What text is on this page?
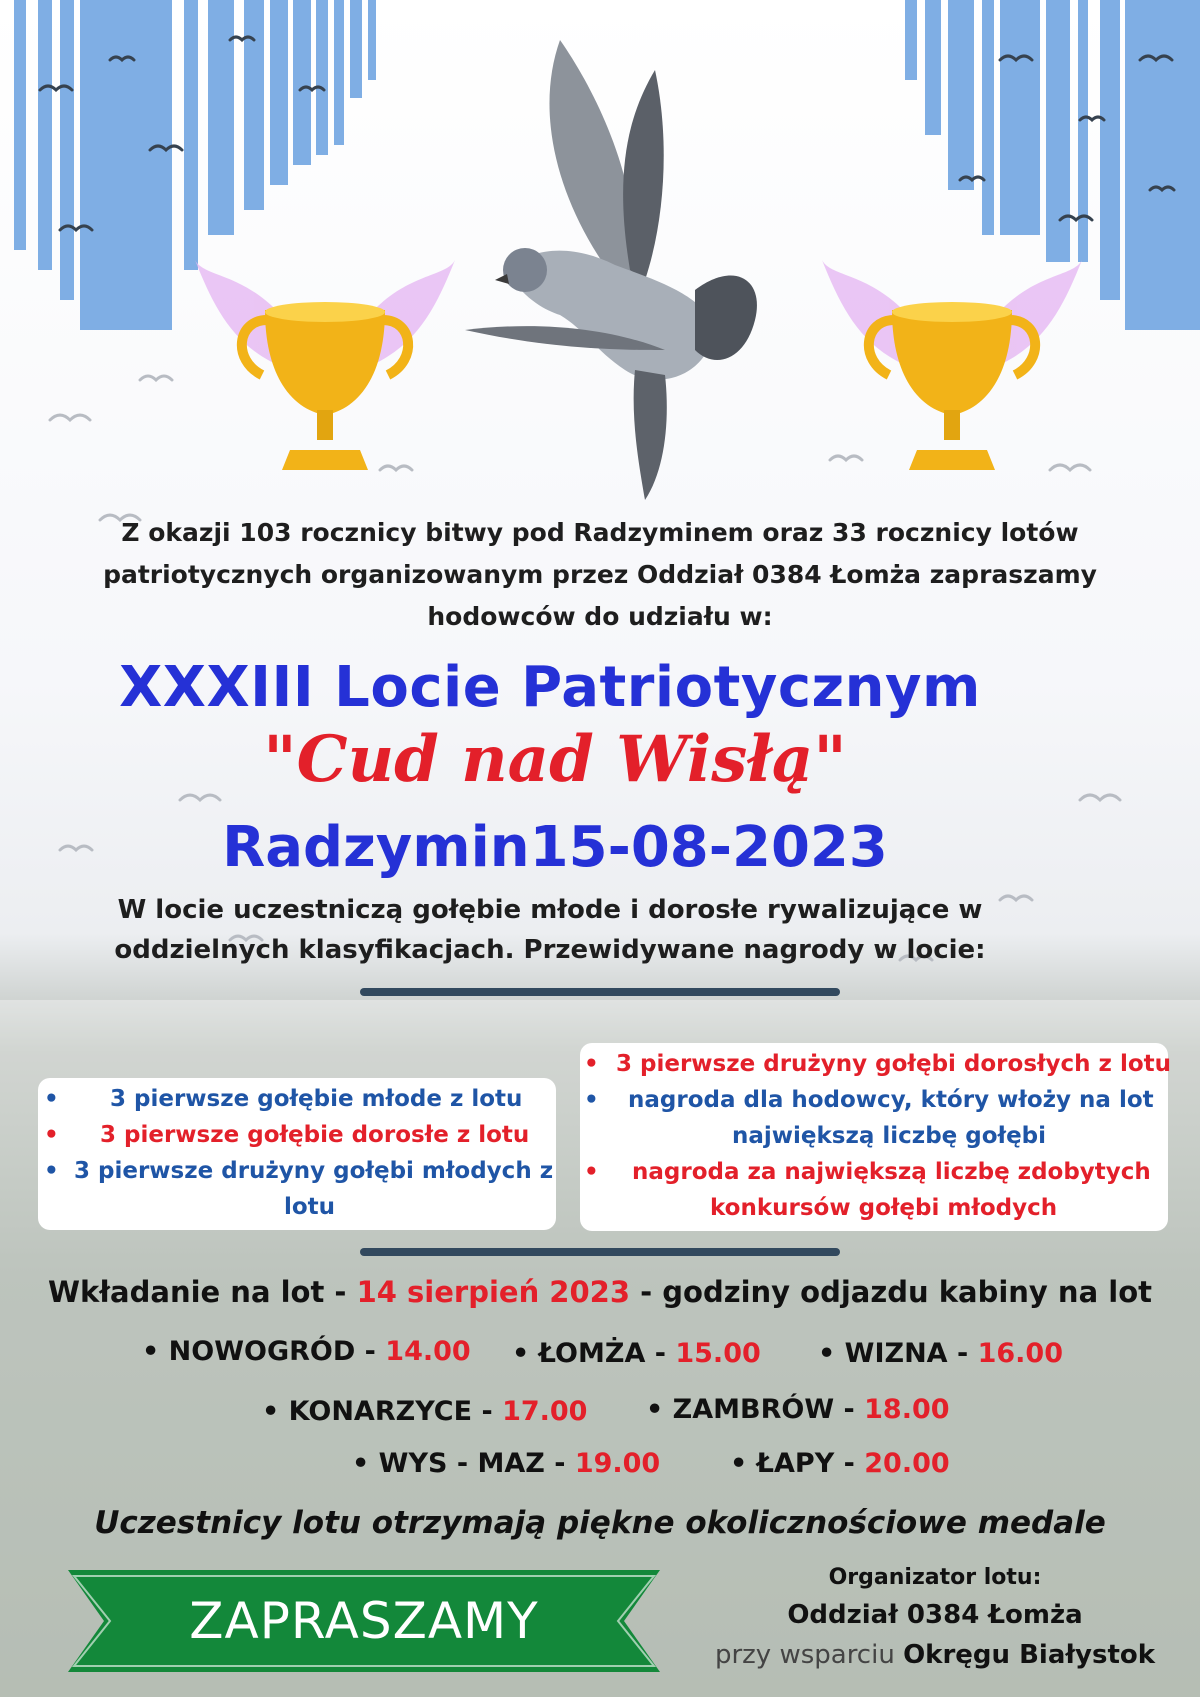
Z okazji 103 rocznicy bitwy pod Radzyminem oraz 33 rocznicy lotów
patriotycznych organizowanym przez Oddział 0384 Łomża zapraszamy
hodowców do udziału w:
XXXIII Locie Patriotycznym
"Cud nad Wisłą"
Radzymin15-08-2023
W locie uczestniczą gołębie młode i dorosłe rywalizujące w
oddzielnych klasyfikacjach. Przewidywane nagrody w locie:
• 3 pierwsze gołębie młode z lotu
• 3 pierwsze gołębie dorosłe z lotu
• 3 pierwsze drużyny gołębi młodych z
lotu
• 3 pierwsze drużyny gołębi dorosłych z lotu
• nagroda dla hodowcy, który włoży na lot
największą liczbę gołębi
• nagroda za największą liczbę zdobytych
konkursów gołębi młodych
Wkładanie na lot - 14 sierpień 2023 - godziny odjazdu kabiny na lot
• NOWOGRÓD - 14.00 • ŁOMŻA - 15.00 • WIZNA - 16.00
• KONARZYCE - 17.00 • ZAMBRÓW - 18.00
• WYS - MAZ - 19.00	• ŁAPY - 20.00
Uczestnicy lotu otrzymają piękne okolicznościowe medale
ZAPRASZAMY
Organizator lotu:
Oddział 0384 Łomża
przy wsparciu Okręgu Białystok
